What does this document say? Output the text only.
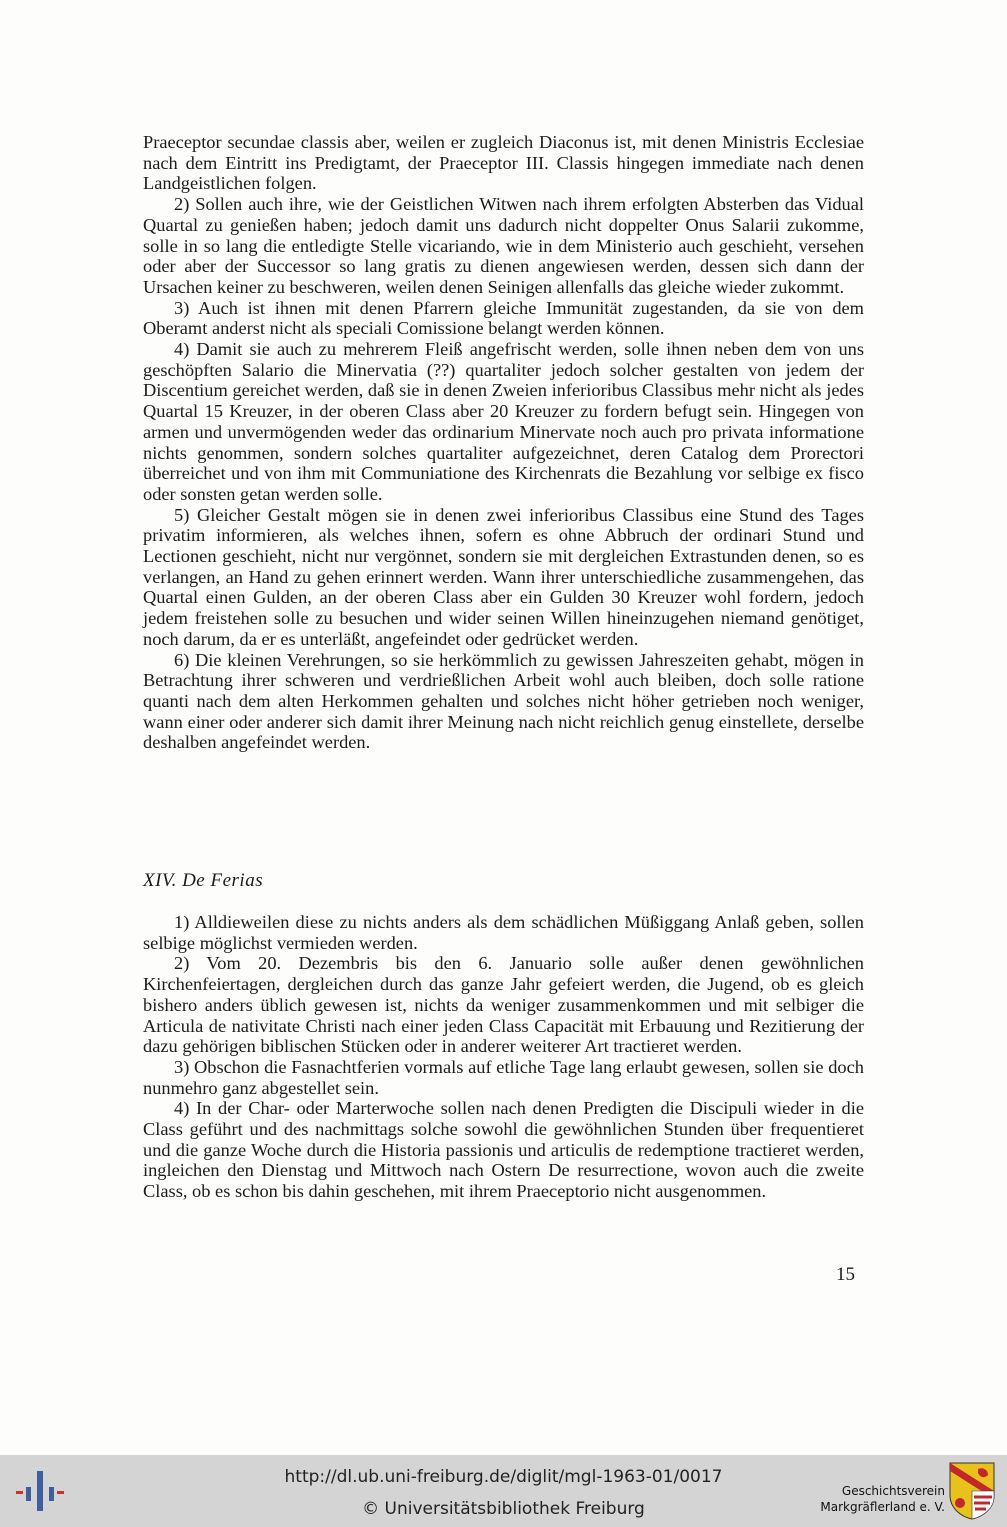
Praeceptor secundae classis aber, weilen er zugleich Diaconus ist, mit denen Ministris Ecclesiae nach dem Eintritt ins Predigtamt, der Praeceptor III. Classis hingegen immediate nach denen Landgeistlichen folgen.

2) Sollen auch ihre, wie der Geistlichen Witwen nach ihrem erfolgten Absterben das Vidual Quartal zu genießen haben; jedoch damit uns dadurch nicht doppelter Onus Salarii zukomme, solle in so lang die entledigte Stelle vicariando, wie in dem Ministerio auch geschieht, versehen oder aber der Successor so lang gratis zu dienen angewiesen werden, dessen sich dann der Ursachen keiner zu beschweren, weilen denen Seinigen allenfalls das gleiche wieder zukommt.

3) Auch ist ihnen mit denen Pfarrern gleiche Immunität zugestanden, da sie von dem Oberamt anderst nicht als speciali Comissione belangt werden können.

4) Damit sie auch zu mehrerem Fleiß angefrischt werden, solle ihnen neben dem von uns geschöpften Salario die Minervatia (??) quartaliter jedoch solcher gestalten von jedem der Discentium gereichet werden, daß sie in denen Zweien inferioribus Classibus mehr nicht als jedes Quartal 15 Kreuzer, in der oberen Class aber 20 Kreuzer zu fordern befugt sein. Hingegen von armen und unvermögenden weder das ordinarium Minervate noch auch pro privata informatione nichts genommen, sondern solches quartaliter aufgezeichnet, deren Catalog dem Prorectori überreichet und von ihm mit Communiatione des Kirchenrats die Bezahlung vor selbige ex fisco oder sonsten getan werden solle.

5) Gleicher Gestalt mögen sie in denen zwei inferioribus Classibus eine Stund des Tages privatim informieren, als welches ihnen, sofern es ohne Abbruch der ordinari Stund und Lectionen geschieht, nicht nur vergönnet, sondern sie mit dergleichen Extrastunden denen, so es verlangen, an Hand zu gehen erinnert werden. Wann ihrer unterschiedliche zusammengehen, das Quartal einen Gulden, an der oberen Class aber ein Gulden 30 Kreuzer wohl fordern, jedoch jedem freistehen solle zu besuchen und wider seinen Willen hineinzugehen niemand genötiget, noch darum, da er es unterläßt, angefeindet oder gedrücket werden.

6) Die kleinen Verehrungen, so sie herkömmlich zu gewissen Jahreszeiten gehabt, mögen in Betrachtung ihrer schweren und verdrießlichen Arbeit wohl auch bleiben, doch solle ratione quanti nach dem alten Herkommen gehalten und solches nicht höher getrieben noch weniger, wann einer oder anderer sich damit ihrer Meinung nach nicht reichlich genug einstellete, derselbe deshalben angefeindet werden.

XIV. De Ferias

1) Alldieweilen diese zu nichts anders als dem schädlichen Müßiggang Anlaß geben, sollen selbige möglichst vermieden werden.

2) Vom 20. Dezembris bis den 6. Januario solle außer denen gewöhnlichen Kirchenfeiertagen, dergleichen durch das ganze Jahr gefeiert werden, die Jugend, ob es gleich bishero anders üblich gewesen ist, nichts da weniger zusammenkommen und mit selbiger die Articula de nativitate Christi nach einer jeden Class Capacität mit Erbauung und Rezitierung der dazu gehörigen biblischen Stücken oder in anderer weiterer Art tractieret werden.

3) Obschon die Fasnachtferien vormals auf etliche Tage lang erlaubt gewesen, sollen sie doch nunmehro ganz abgestellet sein.

4) In der Char- oder Marterwoche sollen nach denen Predigten die Discipuli wieder in die Class geführt und des nachmittags solche sowohl die gewöhnlichen Stunden über frequentieret und die ganze Woche durch die Historia passionis und articulis de redemptione tractieret werden, ingleichen den Dienstag und Mittwoch nach Ostern De resurrectione, wovon auch die zweite Class, ob es schon bis dahin geschehen, mit ihrem Praeceptorio nicht ausgenommen.

15
http://dl.ub.uni-freiburg.de/diglit/mgl-1963-01/0017
© Universitätsbibliothek Freiburg
Geschichtsverein
Markgräflerland e. V.
